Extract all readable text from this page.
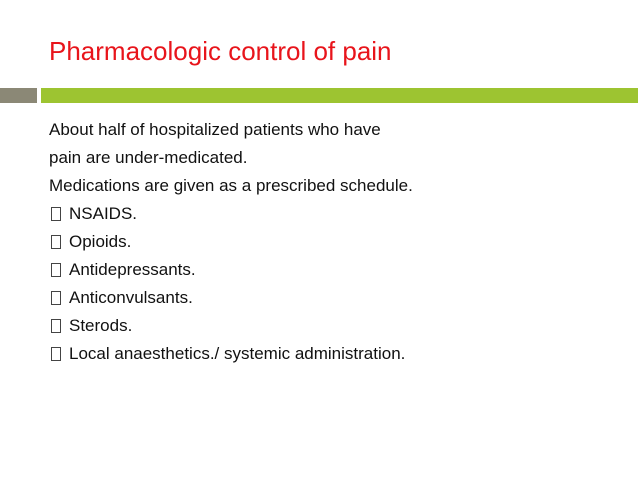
Pharmacologic control of pain
About half of hospitalized patients who have
pain are under-medicated.
Medications are given as a prescribed schedule.
NSAIDS.
Opioids.
Antidepressants.
Anticonvulsants.
Sterods.
Local anaesthetics./ systemic administration.
